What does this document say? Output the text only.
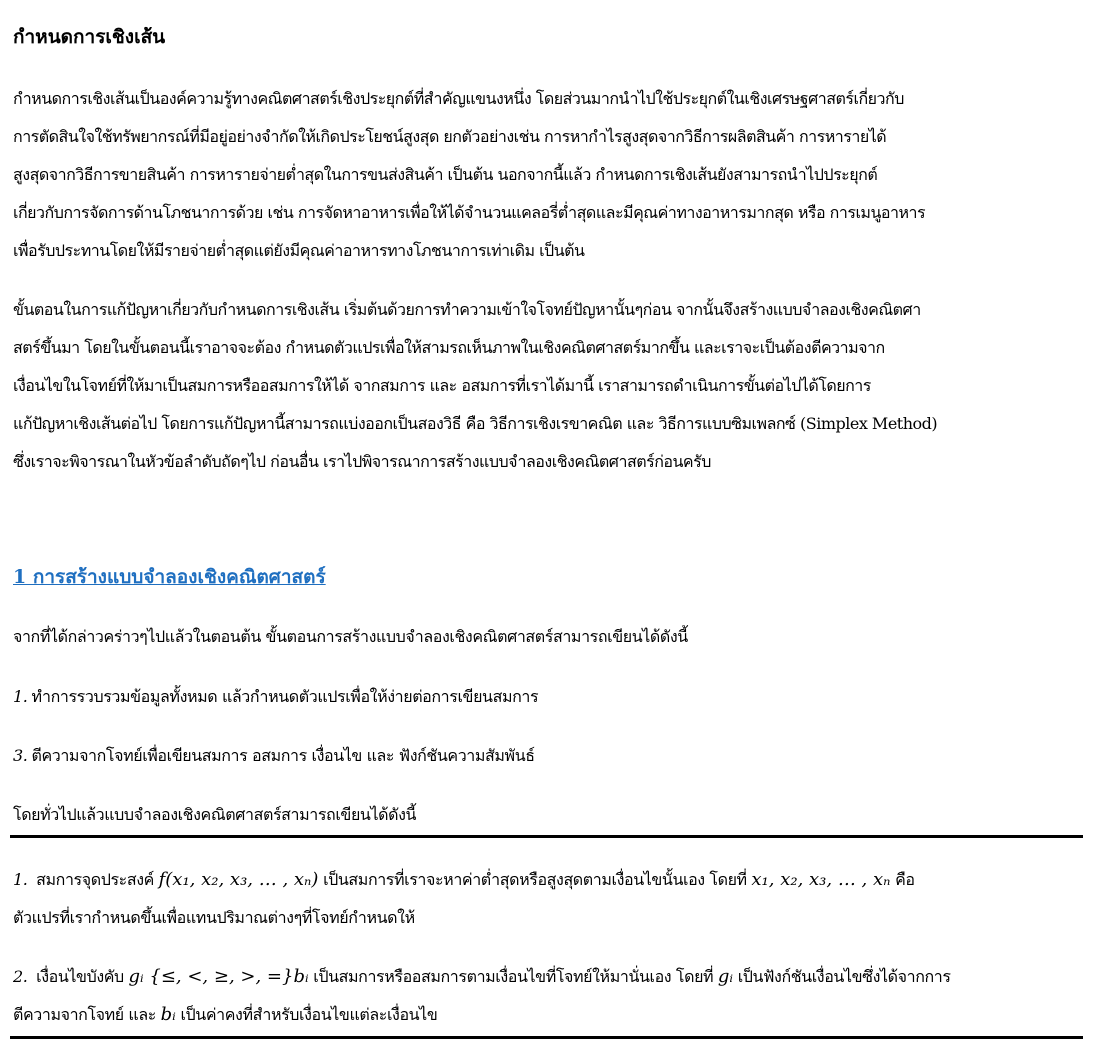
กำหนดการเชิงเส้น
กำหนดการเชิงเส้นเป็นองค์ความรู้ทางคณิตศาสตร์เชิงประยุกต์ที่สำคัญแขนงหนึ่ง โดยส่วนมากนำไปใช้ประยุกต์ในเชิงเศรษฐศาสตร์เกี่ยวกับ
การตัดสินใจใช้ทรัพยากรณ์ที่มีอยู่อย่างจำกัดให้เกิดประโยชน์สูงสุด ยกตัวอย่างเช่น การหากำไรสูงสุดจากวิธีการผลิตสินค้า การหารายได้
สูงสุดจากวิธีการขายสินค้า การหารายจ่ายต่ำสุดในการขนส่งสินค้า เป็นต้น นอกจากนี้แล้ว กำหนดการเชิงเส้นยังสามารถนำไปประยุกต์
เกี่ยวกับการจัดการด้านโภชนาการด้วย เช่น การจัดหาอาหารเพื่อให้ได้จำนวนแคลอรี่ต่ำสุดและมีคุณค่าทางอาหารมากสุด หรือ การเมนูอาหาร
เพื่อรับประทานโดยให้มีรายจ่ายต่ำสุดแต่ยังมีคุณค่าอาหารทางโภชนาการเท่าเดิม เป็นต้น
ขั้นตอนในการแก้ปัญหาเกี่ยวกับกำหนดการเชิงเส้น เริ่มต้นด้วยการทำความเข้าใจโจทย์ปัญหานั้นๆก่อน จากนั้นจึงสร้างแบบจำลองเชิงคณิตศา
สตร์ขึ้นมา โดยในขั้นตอนนี้เราอาจจะต้อง กำหนดตัวแปรเพื่อให้สามรถเห็นภาพในเชิงคณิตศาสตร์มากขึ้น และเราจะเป็นต้องตีความจาก
เงื่อนไขในโจทย์ที่ให้มาเป็นสมการหรืออสมการให้ได้ จากสมการ และ อสมการที่เราได้มานี้ เราสามารถดำเนินการขั้นต่อไปได้โดยการ
แก้ปัญหาเชิงเส้นต่อไป โดยการแก้ปัญหานี้สามารถแบ่งออกเป็นสองวิธี คือ วิธีการเชิงเรขาคณิต และ วิธีการแบบซิมเพลกซ์ (Simplex Method)
ซึ่งเราจะพิจารณาในหัวข้อลำดับถัดๆไป ก่อนอื่น เราไปพิจารณาการสร้างแบบจำลองเชิงคณิตศาสตร์ก่อนครับ
1 การสร้างแบบจำลองเชิงคณิตศาสตร์
จากที่ได้กล่าวคร่าวๆไปแล้วในตอนต้น ขั้นตอนการสร้างแบบจำลองเชิงคณิตศาสตร์สามารถเขียนได้ดังนี้
1. ทำการรวบรวมข้อมูลทั้งหมด แล้วกำหนดตัวแปรเพื่อให้ง่ายต่อการเขียนสมการ
3. ตีความจากโจทย์เพื่อเขียนสมการ อสมการ เงื่อนไข และ ฟังก์ชันความสัมพันธ์
โดยทั่วไปแล้วแบบจำลองเชิงคณิตศาสตร์สามารถเขียนได้ดังนี้
1. สมการจุดประสงค์ f(x₁, x₂, x₃, … , xₙ) เป็นสมการที่เราจะหาค่าต่ำสุดหรือสูงสุดตามเงื่อนไขนั้นเอง โดยที่ x₁, x₂, x₃, … , xₙ คือ
ตัวแปรที่เรากำหนดขึ้นเพื่อแทนปริมาณต่างๆที่โจทย์กำหนดให้
2. เงื่อนไขบังคับ gᵢ {≤, <, ≥, >, =}bᵢ เป็นสมการหรืออสมการตามเงื่อนไขที่โจทย์ให้มานั่นเอง โดยที่ gᵢ เป็นฟังก์ชันเงื่อนไขซึ่งได้จากการ
ตีความจากโจทย์ และ bᵢ เป็นค่าคงที่สำหรับเงื่อนไขแต่ละเงื่อนไข
